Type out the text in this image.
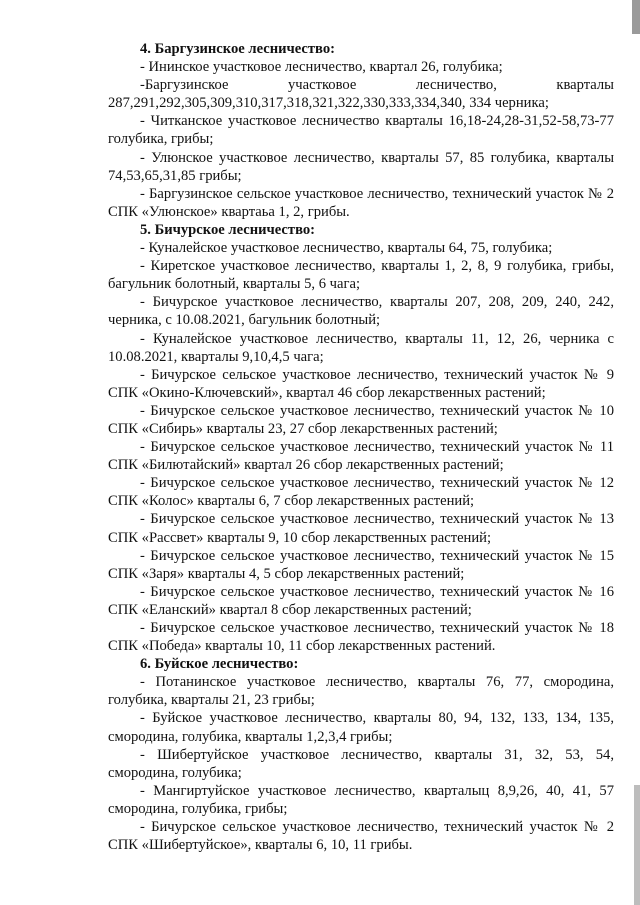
4. Баргузинское лесничество:

- Ининское участковое лесничество, квартал 26, голубика;

-Баргузинское участковое лесничество, кварталы 287,291,292,305,309,310,317,318,321,322,330,333,334,340, 334 черника;

- Читканское участковое лесничество кварталы 16,18-24,28-31,52-58,73-77 голубика, грибы;

- Улюнское участковое лесничество, кварталы 57, 85 голубика, кварталы 74,53,65,31,85 грибы;

- Баргузинское сельское участковое лесничество, технический участок № 2 СПК «Улюнское» квартаьа 1, 2, грибы.

5. Бичурское лесничество:

- Куналейское участковое лесничество, кварталы 64, 75, голубика;

- Киретское участковое лесничество, кварталы 1, 2, 8, 9 голубика, грибы, багульник болотный, кварталы 5, 6 чага;

- Бичурское участковое лесничество, кварталы 207, 208, 209, 240, 242, черника, с 10.08.2021, багульник болотный;

- Куналейское участковое лесничество, кварталы 11, 12, 26, черника с 10.08.2021, кварталы 9,10,4,5 чага;

- Бичурское сельское участковое лесничество, технический участок № 9 СПК «Окино-Ключевский», квартал 46 сбор лекарственных растений;

- Бичурское сельское участковое лесничество, технический участок № 10 СПК «Сибирь» кварталы 23, 27 сбор лекарственных растений;

- Бичурское сельское участковое лесничество, технический участок № 11 СПК «Билютайский» квартал 26 сбор лекарственных растений;

- Бичурское сельское участковое лесничество, технический участок № 12 СПК «Колос» кварталы 6, 7 сбор лекарственных растений;

- Бичурское сельское участковое лесничество, технический участок № 13 СПК «Рассвет» кварталы 9, 10 сбор лекарственных растений;

- Бичурское сельское участковое лесничество, технический участок № 15 СПК «Заря» кварталы 4, 5 сбор лекарственных растений;

- Бичурское сельское участковое лесничество, технический участок № 16 СПК «Еланский» квартал 8 сбор лекарственных растений;

- Бичурское сельское участковое лесничество, технический участок № 18 СПК «Победа» кварталы 10, 11 сбор лекарственных растений.

6. Буйское лесничество:

- Потанинское участковое лесничество, кварталы 76, 77, смородина, голубика, кварталы 21, 23 грибы;

- Буйское участковое лесничество, кварталы 80, 94, 132, 133, 134, 135, смородина, голубика, кварталы 1,2,3,4 грибы;

- Шибертуйское участковое лесничество, кварталы 31, 32, 53, 54, смородина, голубика;

- Мангиртуйское участковое лесничество, кварталыц 8,9,26, 40, 41, 57 смородина, голубика, грибы;

- Бичурское сельское участковое лесничество, технический участок № 2 СПК «Шибертуйское», кварталы 6, 10, 11 грибы.
